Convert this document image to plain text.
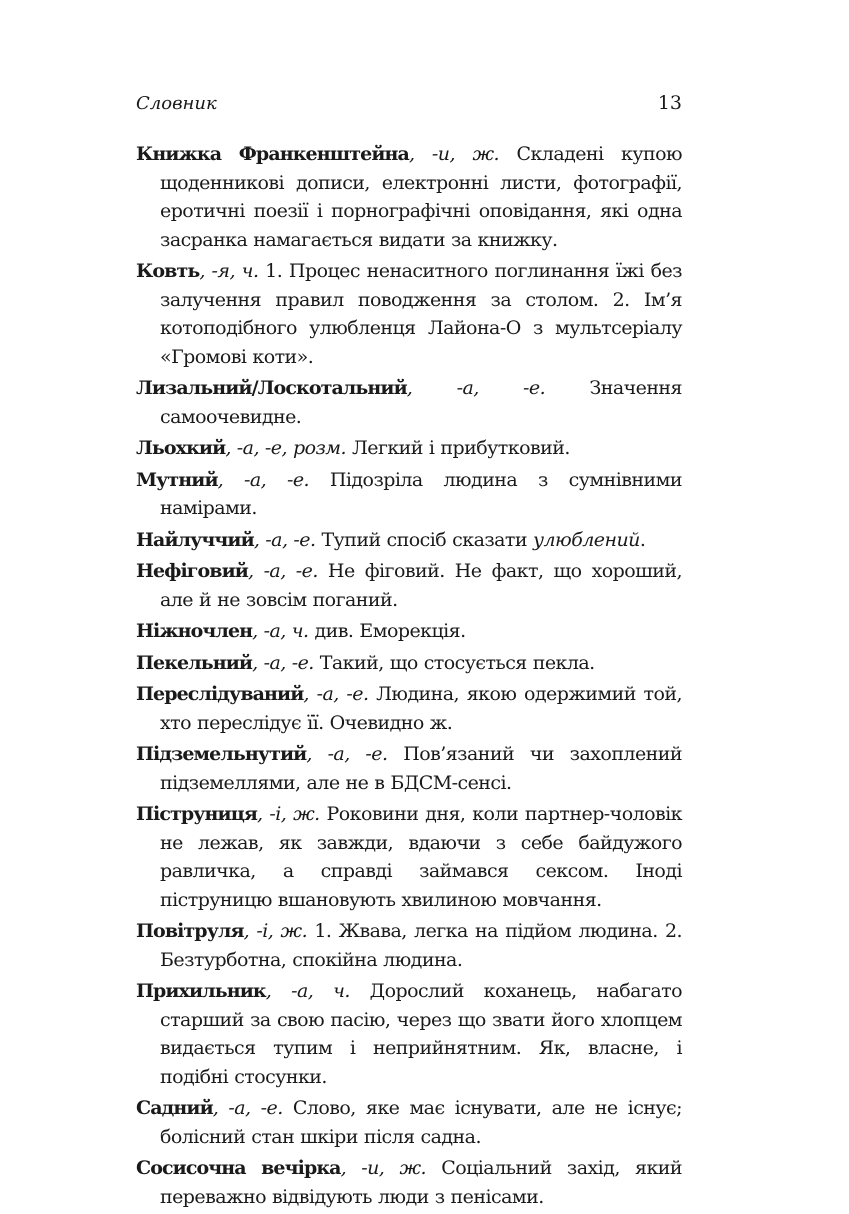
Словник	13

Книжка Франкенштейна, -и, ж. Складені купою щоденникові дописи, електронні листи, фотографії, еротичні поезії і порнографічні оповідання, які одна засранка намагається видати за книжку.

Ковть, -я, ч. 1. Процес ненаситного поглинання їжі без залучення правил поводження за столом. 2. Ім’я котоподібного улюбленця Лайона-О з мультсеріалу «Громові коти».

Лизальний/Лоскотальний, -а, -е. Значення самоочевидне.

Льохкий, -а, -е, розм. Легкий і прибутковий.

Мутний, -а, -е. Підозріла людина з сумнівними намірами.

Найлуччий, -а, -е. Тупий спосіб сказати улюблений.

Нефіговий, -а, -е. Не фіговий. Не факт, що хороший, але й не зовсім поганий.

Ніжночлен, -а, ч. див. Еморекція.

Пекельний, -а, -е. Такий, що стосується пекла.

Переслідуваний, -а, -е. Людина, якою одержимий той, хто переслідує її. Очевидно ж.

Підземельнутий, -а, -е. Пов’язаний чи захоплений підземеллями, але не в БДСМ-сенсі.

Піструниця, -і, ж. Роковини дня, коли партнер-чоловік не лежав, як завжди, вдаючи з себе байдужого равличка, а справді займався сексом. Іноді піструницю вшановують хвилиною мовчання.

Повітруля, -і, ж. 1. Жвава, легка на підйом людина. 2. Безтурботна, спокійна людина.

Прихильник, -а, ч. Дорослий коханець, набагато старший за свою пасію, через що звати його хлопцем видається тупим і неприйнятним. Як, власне, і подібні стосунки.

Садний, -а, -е. Слово, яке має існувати, але не існує; болісний стан шкіри після садна.

Сосисочна вечірка, -и, ж. Соціальний захід, який переважно відвідують люди з пенісами.
